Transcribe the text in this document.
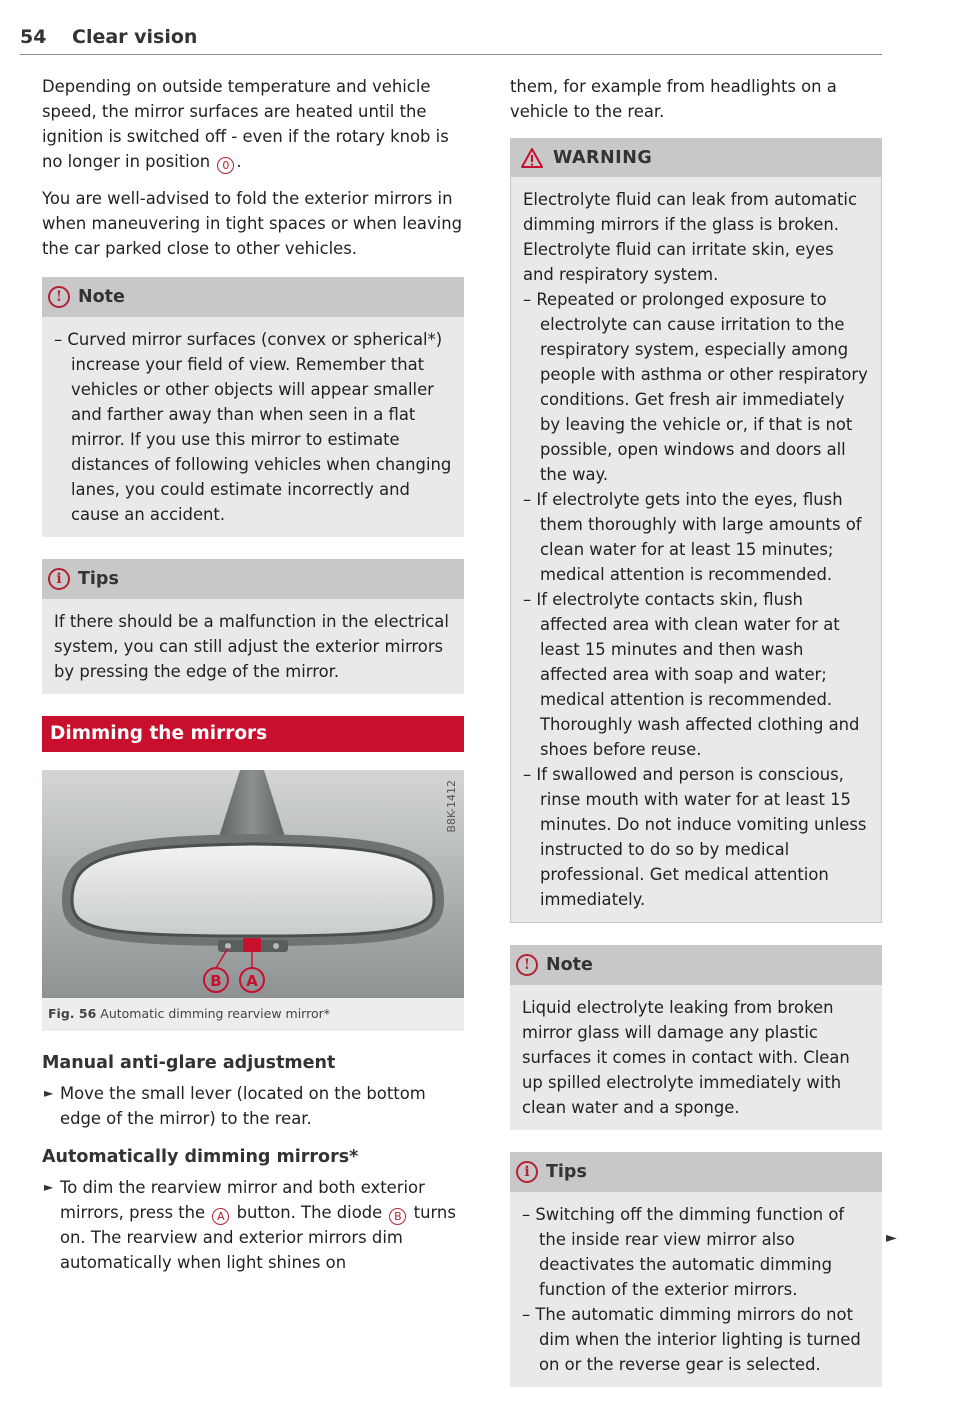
54 Clear vision

Depending on outside temperature and vehicle speed, the mirror surfaces are heated until the ignition is switched off - even if the rotary knob is no longer in position 0 .

You are well-advised to fold the exterior mirrors in when maneuvering in tight spaces or when leaving the car parked close to other vehicles.

! Note
– Curved mirror surfaces (convex or spherical*) increase your field of view. Remember that vehicles or other objects will appear smaller and farther away than when seen in a flat mirror. If you use this mirror to estimate distances of following vehicles when changing lanes, you could estimate incorrectly and cause an accident.
i Tips

If there should be a malfunction in the electrical system, you can still adjust the exterior mirrors by pressing the edge of the mirror.

Dimming the mirrors
B A
B8K-1412
Fig. 56 Automatic dimming rearview mirror*
Manual anti-glare adjustment
► Move the small lever (located on the bottom edge of the mirror) to the rear.
Automatically dimming mirrors*
► To dim the rearview mirror and both exterior mirrors, press the A button. The diode B turns on. The rearview and exterior mirrors dim automatically when light shines on

them, for example from headlights on a vehicle to the rear.

WARNING

Electrolyte fluid can leak from automatic dimming mirrors if the glass is broken. Electrolyte fluid can irritate skin, eyes and respiratory system.

– Repeated or prolonged exposure to electrolyte can cause irritation to the respiratory system, especially among people with asthma or other respiratory conditions. Get fresh air immediately by leaving the vehicle or, if that is not possible, open windows and doors all the way.
– If electrolyte gets into the eyes, flush them thoroughly with large amounts of clean water for at least 15 minutes; medical attention is recommended.
– If electrolyte contacts skin, flush affected area with clean water for at least 15 minutes and then wash affected area with soap and water; medical attention is recommended. Thoroughly wash affected clothing and shoes before reuse.
– If swallowed and person is conscious, rinse mouth with water for at least 15 minutes. Do not induce vomiting unless instructed to do so by medical professional. Get medical attention immediately.
! Note

Liquid electrolyte leaking from broken mirror glass will damage any plastic surfaces it comes in contact with. Clean up spilled electrolyte immediately with clean water and a sponge.

i Tips
– Switching off the dimming function of the inside rear view mirror also deactivates the automatic dimming function of the exterior mirrors.
– The automatic dimming mirrors do not dim when the interior lighting is turned on or the reverse gear is selected.
►
